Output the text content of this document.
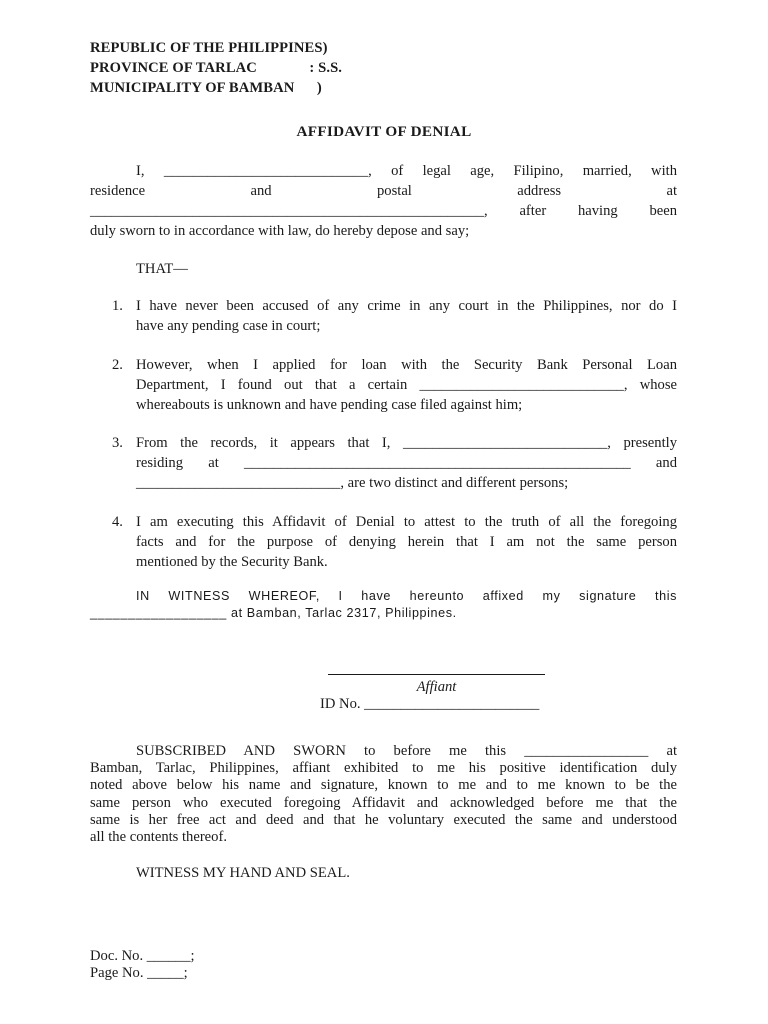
REPUBLIC OF THE PHILIPPINES)
PROVINCE OF TARLAC              : S.S.
MUNICIPALITY OF BAMBAN      )
AFFIDAVIT OF DENIAL
I, ____________________________, of legal age, Filipino, married, with
residence and postal address at
______________________________________________________, after having been
duly sworn to in accordance with law, do hereby depose and say;
THAT—
1. I have never been accused of any crime in any court in the Philippines, nor do I
have any pending case in court;
2. However, when I applied for loan with the Security Bank Personal Loan
Department, I found out that a certain ____________________________, whose
whereabouts is unknown and have pending case filed against him;
3. From the records, it appears that I, ____________________________, presently
residing at _____________________________________________________ and
____________________________, are two distinct and different persons;
4. I am executing this Affidavit of Denial to attest to the truth of all the foregoing
facts and for the purpose of denying herein that I am not the same person
mentioned by the Security Bank.
IN WITNESS WHEREOF, I have hereunto affixed my signature this
__________________ at Bamban, Tarlac 2317, Philippines.
Affiant
ID No. ________________________
SUBSCRIBED AND SWORN to before me this _________________ at
Bamban, Tarlac, Philippines, affiant exhibited to me his positive identification duly
noted above below his name and signature, known to me and to me known to be the
same person who executed foregoing Affidavit and acknowledged before me that the
same is her free act and deed and that he voluntary executed the same and understood
all the contents thereof.
WITNESS MY HAND AND SEAL.
Doc. No. ______;
Page No. _____;
